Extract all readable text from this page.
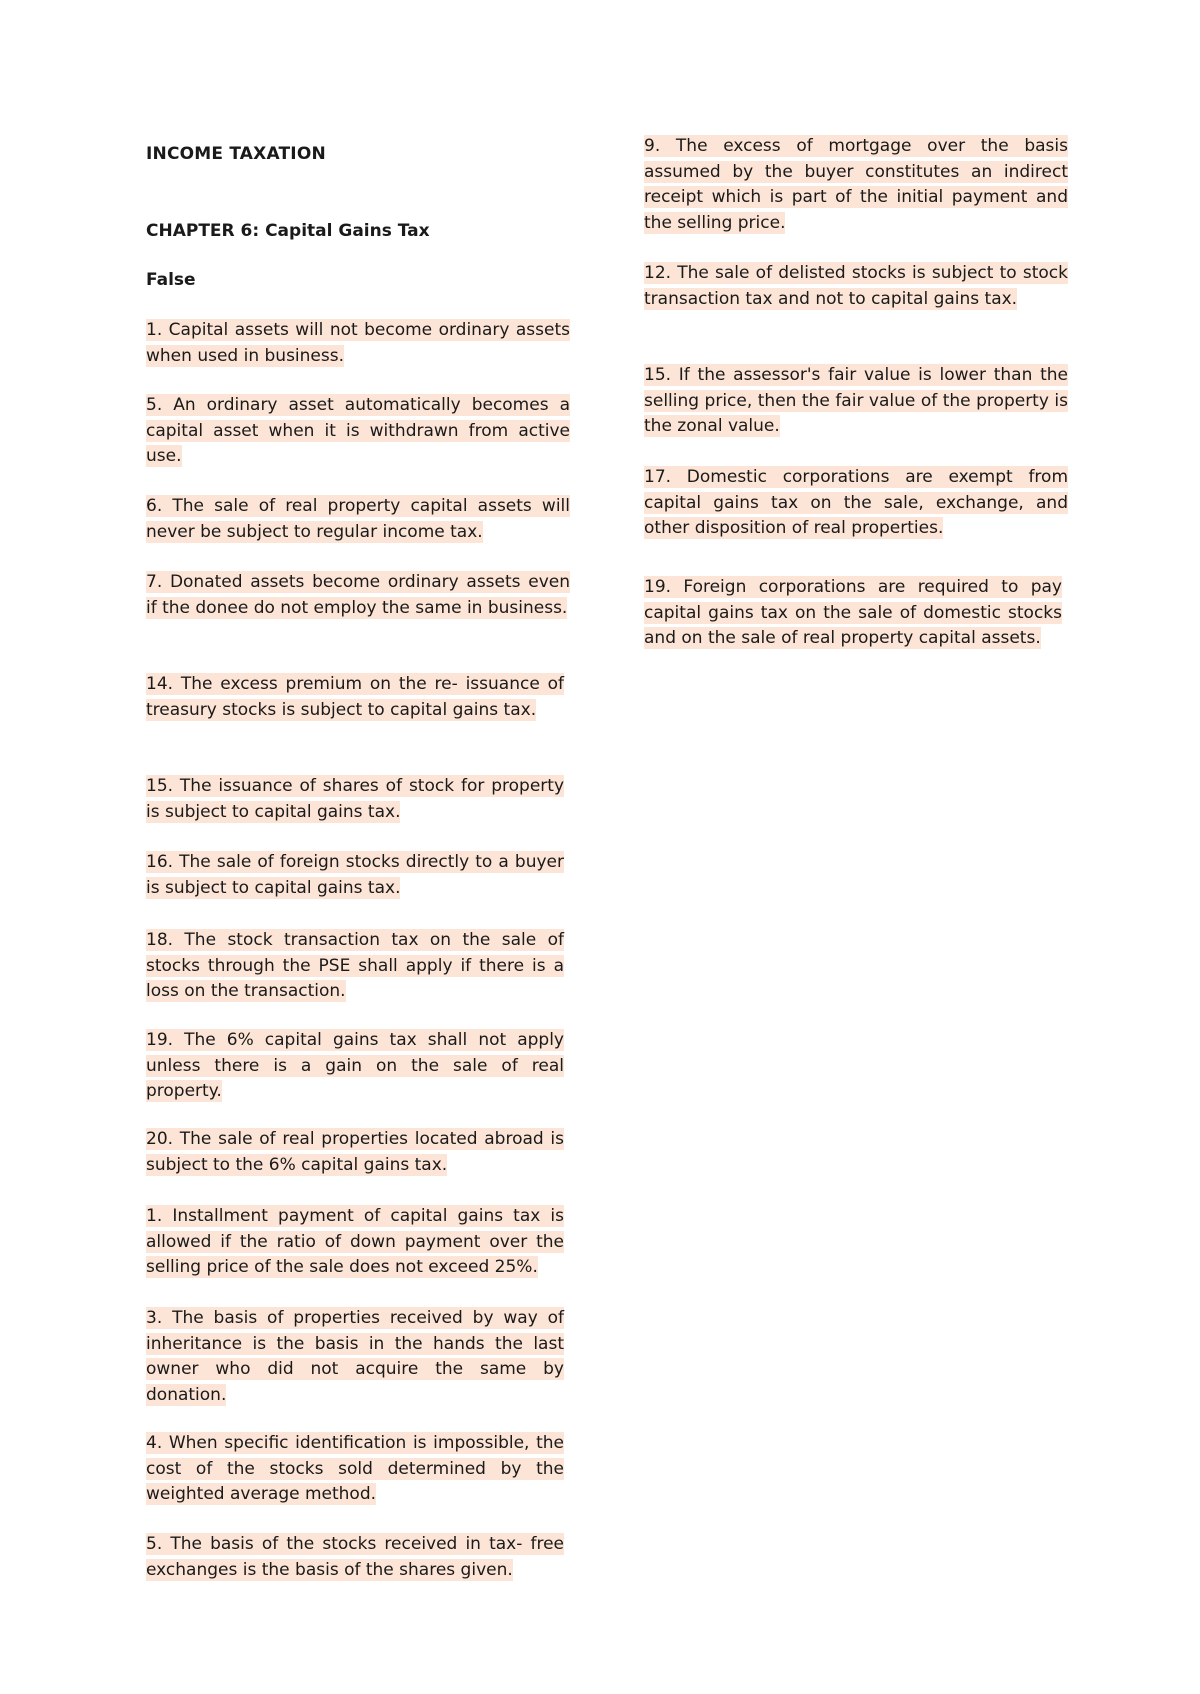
INCOME TAXATION
CHAPTER 6: Capital Gains Tax
False
1. Capital assets will not become ordinary assets when used in business.
5. An ordinary asset automatically becomes a capital asset when it is withdrawn from active use.
6. The sale of real property capital assets will never be subject to regular income tax.
7. Donated assets become ordinary assets even if the donee do not employ the same in business.
14. The excess premium on the re- issuance of treasury stocks is subject to capital gains tax.
15. The issuance of shares of stock for property is subject to capital gains tax.
16. The sale of foreign stocks directly to a buyer is subject to capital gains tax.
18. The stock transaction tax on the sale of stocks through the PSE shall apply if there is a loss on the transaction.
19. The 6% capital gains tax shall not apply unless there is a gain on the sale of real property.
20. The sale of real properties located abroad is subject to the 6% capital gains tax.
1. Installment payment of capital gains tax is allowed if the ratio of down payment over the selling price of the sale does not exceed 25%.
3. The basis of properties received by way of inheritance is the basis in the hands the last owner who did not acquire the same by donation.
4. When specific identification is impossible, the cost of the stocks sold determined by the weighted average method.
5. The basis of the stocks received in tax- free exchanges is the basis of the shares given.
9. The excess of mortgage over the basis assumed by the buyer constitutes an indirect receipt which is part of the initial payment and the selling price.
12. The sale of delisted stocks is subject to stock transaction tax and not to capital gains tax.
15. If the assessor's fair value is lower than the selling price, then the fair value of the property is the zonal value.
17. Domestic corporations are exempt from capital gains tax on the sale, exchange, and other disposition of real properties.
19. Foreign corporations are required to pay capital gains tax on the sale of domestic stocks and on the sale of real property capital assets.
